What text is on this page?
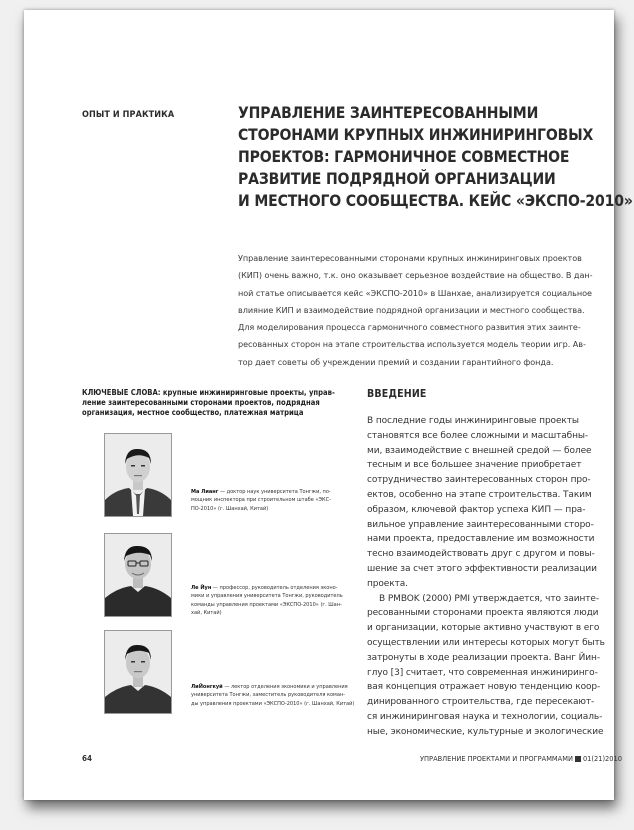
ОПЫТ И ПРАКТИКА	УПРАВЛЕНИЕ ЗАИНТЕРЕСОВАННЫМИ
СТОРОНАМИ КРУПНЫХ ИНЖИНИРИНГОВЫХ
ПРОЕКТОВ: ГАРМОНИЧНОЕ СОВМЕСТНОЕ
РАЗВИТИЕ ПОДРЯДНОЙ ОРГАНИЗАЦИИ
И МЕСТНОГО СООБЩЕСТВА. КЕЙС «ЭКСПО-2010»
Управление заинтересованными сторонами крупных инжиниринговых проектов
(КИП) очень важно, т.к. оно оказывает серьезное воздействие на общество. В дан-
ной статье описывается кейс «ЭКСПО-2010» в Шанхае, анализируется социальное
влияние КИП и взаимодействие подрядной организации и местного сообщества.
Для моделирования процесса гармоничного совместного развития этих заинте-
ресованных сторон на этапе строительства используется модель теории игр. Ав-
тор дает советы об учреждении премий и создании гарантийного фонда.
КЛЮЧЕВЫЕ СЛОВА: крупные инжиниринговые проекты, управ-
ление заинтересованными сторонами проектов, подрядная
организация, местное сообщество, платежная матрица
Ма Лианг — доктор наук университета Тонгжи, по-
мощник инспектора при строительном штабе «ЭКС-
ПО-2010» (г. Шанхай, Китай)
Ле Йун — профессор, руководитель отделения эконо-
мики и управления университета Тонгжи, руководитель
команды управления проектами «ЭКСПО-2010» (г. Шан-
хай, Китай)
ЛиЙонгкуй — лектор отделения экономики и управления
университета Тонгжи, заместитель руководителя коман-
ды управления проектами «ЭКСПО-2010» (г. Шанхай, Китай)
ВВЕДЕНИЕ
В последние годы инжиниринговые проекты
становятся все более сложными и масштабны-
ми, взаимодействие с внешней средой — более
тесным и все большее значение приобретает
сотрудничество заинтересованных сторон про-
ектов, особенно на этапе строительства. Таким
образом, ключевой фактор успеха КИП — пра-
вильное управление заинтересованными сторо-
нами проекта, предоставление им возможности
тесно взаимодействовать друг с другом и повы-
шение за счет этого эффективности реализации
проекта.
В PMBOK (2000) PMI утверждается, что заинте-
ресованными сторонами проекта являются люди
и организации, которые активно участвуют в его
осуществлении или интересы которых могут быть
затронуты в ходе реализации проекта. Ванг Йин-
глуо [3] считает, что современная инжиниринго-
вая концепция отражает новую тенденцию коор-
динированного строительства, где пересекают-
ся инжиниринговая наука и технологии, социаль-
ные, экономические, культурные и экологические
64	УПРАВЛЕНИЕ ПРОЕКТАМИ И ПРОГРАММАМИ 01(21)2010
